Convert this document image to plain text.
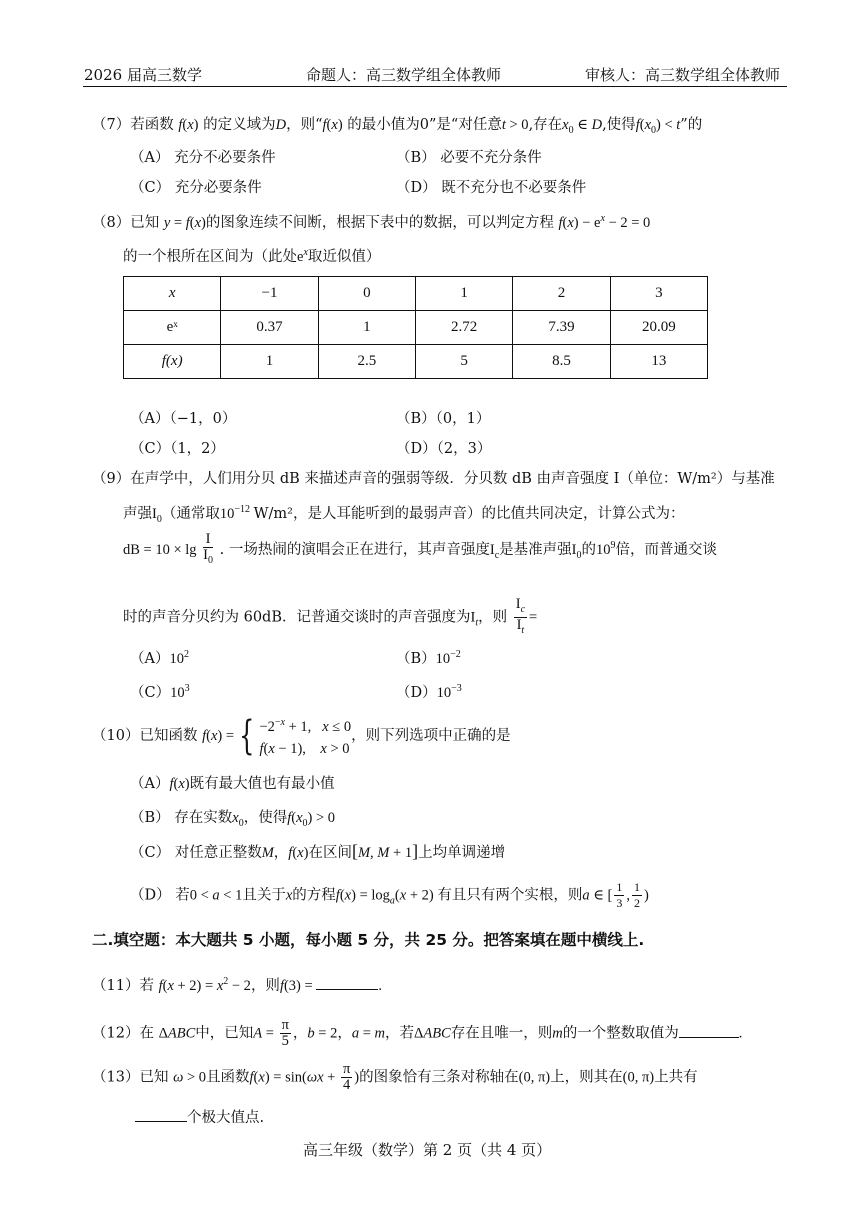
2026 届高三数学	命题人：高三数学组全体教师	审核人：高三数学组全体教师
（7）若函数 f(x) 的定义域为D，则“f(x) 的最小值为0”是“对任意t > 0,存在$x_0$ ∈ D,使得$f(x_0) < t$”的
（A） 充分不必要条件	（B） 必要不充分条件
（C） 充分必要条件	（D） 既不充分也不必要条件
（8）已知 y = f(x)的图象连续不间断，根据下表中的数据，可以判定方程 $f(x) - e^x - 2 = 0$
的一个根所在区间为（此处$e^x$取近似值）
x	−1	0	1	2	3
eˣ	0.37	1	2.72	7.39	20.09
f(x)	1	2.5	5	8.5	13
（A）（−1，0）	（B）（0，1）
（C）（1，2）	（D）（2，3）
（9）在声学中，人们用分贝 dB 来描述声音的强弱等级．分贝数 dB 由声音强度 I（单位：W/m²）与基准
声强$I_0$（通常取$10^{-12}$ W/m²，是人耳能听到的最弱声音）的比值共同决定，计算公式为：
dB = $10 \times \lg \frac{I}{I_0}$ . 一场热闹的演唱会正在进行，其声音强度$I_c$是基准声强$I_0$的$10^9$倍，而普通交谈
时的声音分贝约为 60dB．记普通交谈时的声音强度为$I_t$，则 $\frac{I_c}{I_t}$ =
$(A)10^2$	$(B)10^{-2}$
$(C)10^3$	$(D)10^{-3}$
（10）已知函数 f(x) = { $-2^{-x} + 1$,   x ≤ 0
f(x − 1),    x > 0
，则下列选项中正确的是
（A）f(x)既有最大值也有最小值
（B） 存在实数$x_0$，使得$f(x_0) > 0$
（C） 对任意正整数M，f(x)在区间[M, M + 1]上均单调递增
（D） 若0 < a < 1且关于x的方程$f(x) = \log_a(x + 2)$ 有且只有两个实根，则a ∈ [ $\frac{1}{3}$ , $\frac{1}{2}$ )
二.填空题：本大题共 5 小题，每小题 5 分，共 25 分。把答案填在题中横线上.
（11）若 $f(x + 2) = x^2 - 2$，则f(3) =	.
（12）在 ΔABC中，已知$A = \frac{\pi}{5}$ ，b = 2，a = m，若ΔABC存在且唯一，则m的一个整数取值为	.
（13）已知 ω > 0且函数$f(x) = \sin(\omega x + \frac{\pi}{4}$ )的图象恰有三条对称轴在(0, π)上，则其在(0, π)上共有
个极大值点.
高三年级（数学）第 2 页（共 4 页）
